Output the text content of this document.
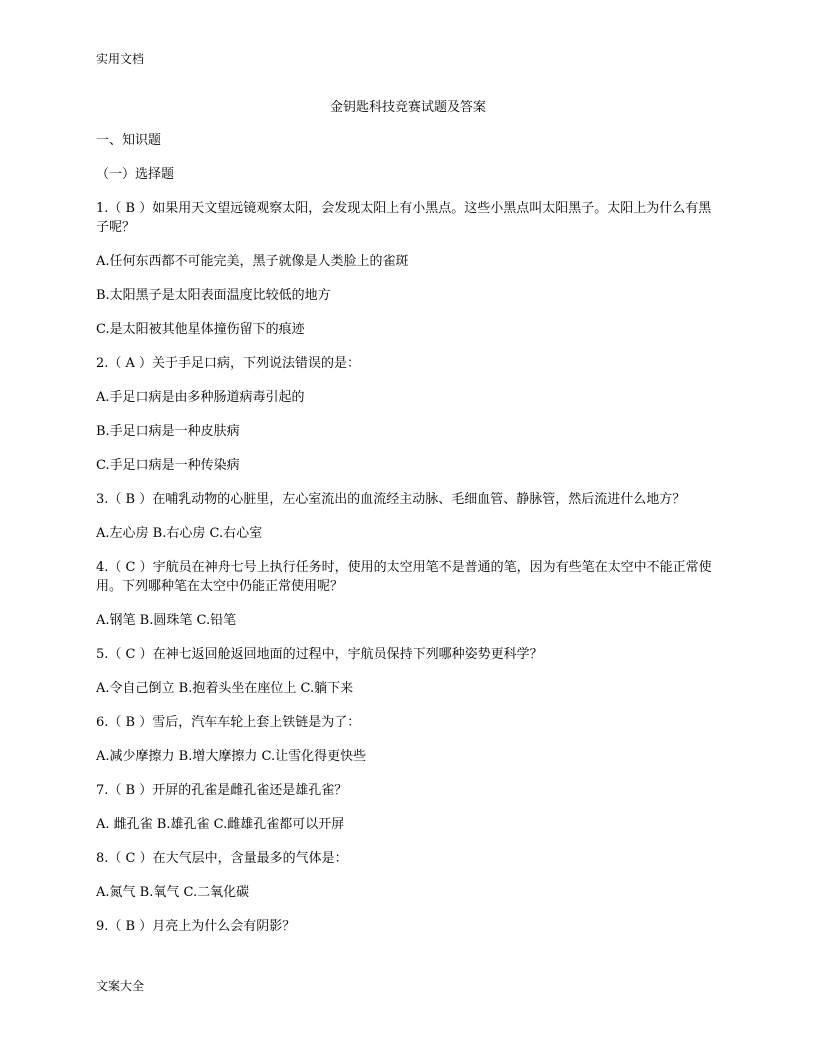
实用文档
金钥匙科技竞赛试题及答案

一、知识题

（一）选择题

1.（ B ）如果用天文望远镜观察太阳，会发现太阳上有小黑点。这些小黑点叫太阳黑子。太阳上为什么有黑子呢？

A.任何东西都不可能完美，黑子就像是人类脸上的雀斑

B.太阳黑子是太阳表面温度比较低的地方

C.是太阳被其他星体撞伤留下的痕迹

2.（ A ）关于手足口病，下列说法错误的是：

A.手足口病是由多种肠道病毒引起的

B.手足口病是一种皮肤病

C.手足口病是一种传染病

3.（ B ）在哺乳动物的心脏里，左心室流出的血流经主动脉、毛细血管、静脉管，然后流进什么地方？

A.左心房 B.右心房 C.右心室

4.（ C ）宇航员在神舟七号上执行任务时，使用的太空用笔不是普通的笔，因为有些笔在太空中不能正常使用。下列哪种笔在太空中仍能正常使用呢？

A.钢笔 B.圆珠笔 C.铅笔

5.（ C ）在神七返回舱返回地面的过程中，宇航员保持下列哪种姿势更科学？

A.令自己倒立 B.抱着头坐在座位上 C.躺下来

6.（ B ）雪后，汽车车轮上套上铁链是为了：

A.减少摩擦力 B.增大摩擦力 C.让雪化得更快些

7.（ B ）开屏的孔雀是雌孔雀还是雄孔雀？

A. 雌孔雀 B.雄孔雀 C.雌雄孔雀都可以开屏

8.（ C ）在大气层中，含量最多的气体是：

A.氮气 B.氧气 C.二氧化碳

9.（ B ）月亮上为什么会有阴影？

文案大全
